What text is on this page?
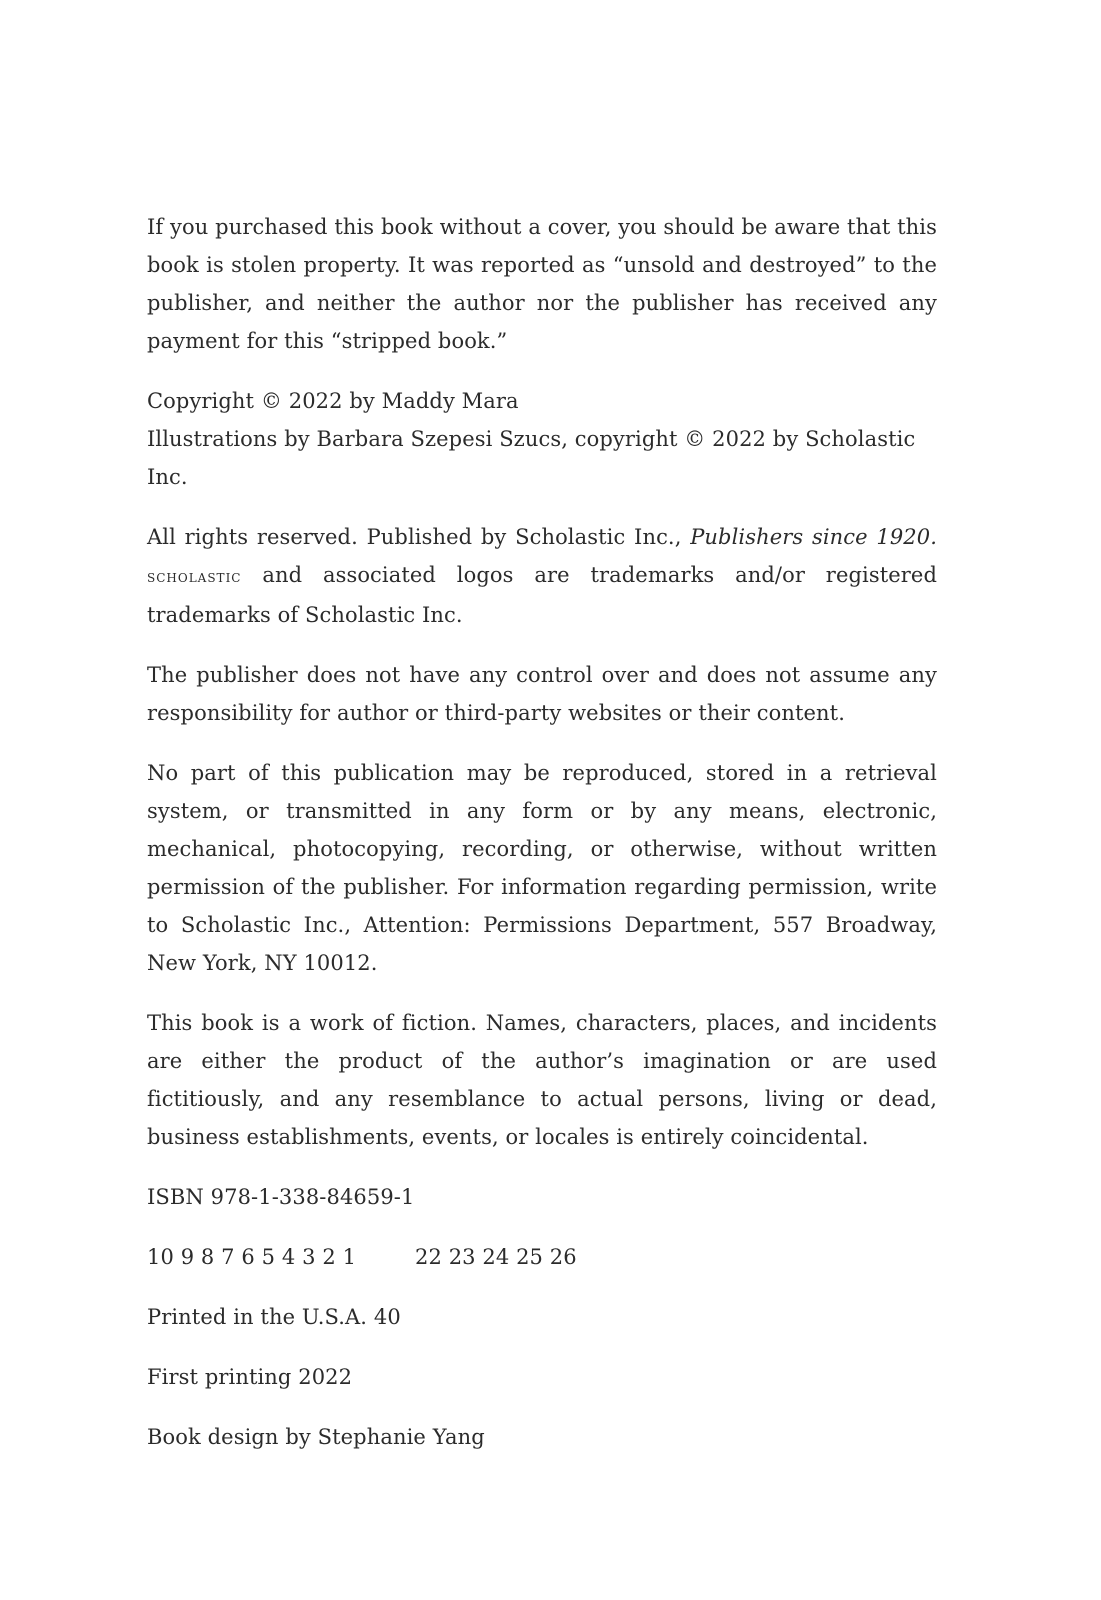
If you purchased this book without a cover, you should be aware that this book is stolen property. It was reported as “unsold and destroyed” to the publisher, and neither the author nor the publisher has received any payment for this “stripped book.”

Copyright © 2022 by Maddy Mara
Illustrations by Barbara Szepesi Szucs, copyright © 2022 by Scholastic Inc.

All rights reserved. Published by Scholastic Inc., Publishers since 1920. scholastic and associated logos are trademarks and/or registered trademarks of Scholastic Inc.

The publisher does not have any control over and does not assume any responsibility for author or third-party websites or their content.

No part of this publication may be reproduced, stored in a retrieval system, or transmitted in any form or by any means, electronic, mechanical, photocopying, recording, or otherwise, without written permission of the publisher. For information regarding permission, write to Scholastic Inc., Attention: Permissions Department, 557 Broadway, New York, NY 10012.

This book is a work of fiction. Names, characters, places, and incidents are either the product of the author’s imagination or are used fictitiously, and any resemblance to actual persons, living or dead, business establishments, events, or locales is entirely coincidental.

ISBN 978-1-338-84659-1

10 9 8 7 6 5 4 3 2 1	22 23 24 25 26

Printed in the U.S.A. 40

First printing 2022

Book design by Stephanie Yang
